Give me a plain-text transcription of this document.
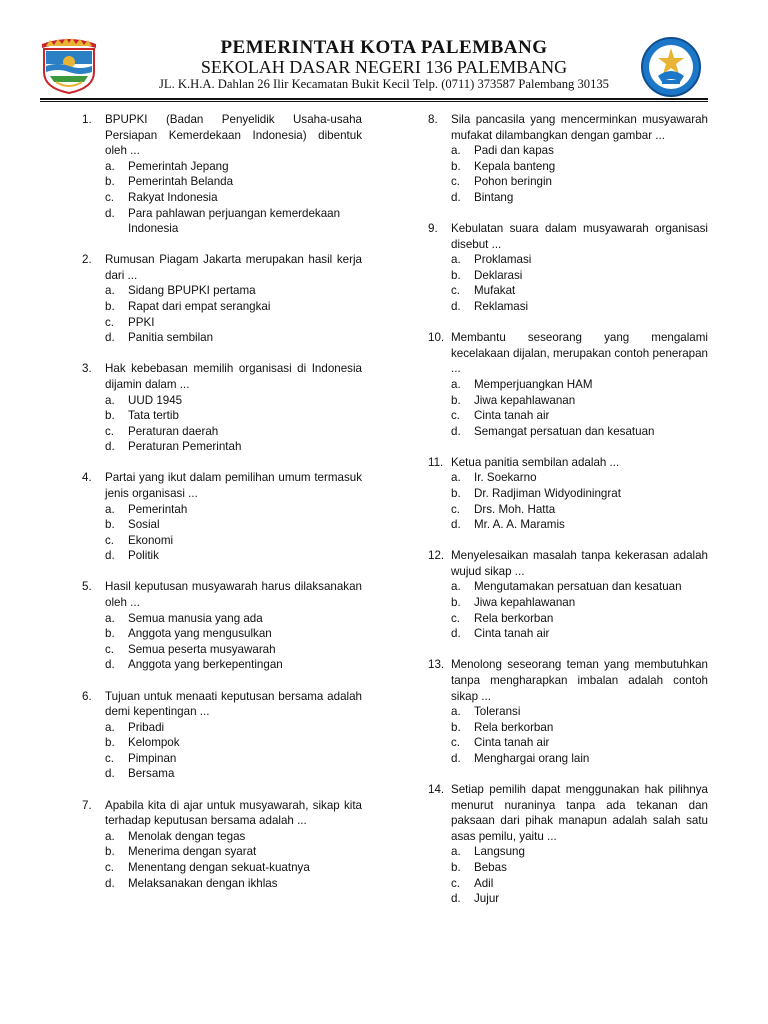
PEMERINTAH KOTA PALEMBANG
SEKOLAH DASAR NEGERI 136 PALEMBANG
JL. K.H.A. Dahlan 26 Ilir Kecamatan Bukit Kecil Telp. (0711) 373587 Palembang 30135
1.	BPUPKI (Badan Penyelidik Usaha-usaha Persiapan Kemerdekaan Indonesia) dibentuk oleh ...
a. Pemerintah Jepang
b. Pemerintah Belanda
c. Rakyat Indonesia
d. Para pahlawan perjuangan kemerdekaan Indonesia
2.	Rumusan Piagam Jakarta merupakan hasil kerja dari ...
a. Sidang BPUPKI pertama
b. Rapat dari empat serangkai
c. PPKI
d. Panitia sembilan
3.	Hak kebebasan memilih organisasi di Indonesia dijamin dalam ...
a. UUD 1945
b. Tata tertib
c. Peraturan daerah
d. Peraturan Pemerintah
4.	Partai yang ikut dalam pemilihan umum termasuk jenis organisasi ...
a. Pemerintah
b. Sosial
c. Ekonomi
d. Politik
5.	Hasil keputusan musyawarah harus dilaksanakan oleh ...
a. Semua manusia yang ada
b. Anggota yang mengusulkan
c. Semua peserta musyawarah
d. Anggota yang berkepentingan
6.	Tujuan untuk menaati keputusan bersama adalah demi kepentingan ...
a. Pribadi
b. Kelompok
c. Pimpinan
d. Bersama
7.	Apabila kita di ajar untuk musyawarah, sikap kita terhadap keputusan bersama adalah ...
a. Menolak dengan tegas
b. Menerima dengan syarat
c. Menentang dengan sekuat-kuatnya
d. Melaksanakan dengan ikhlas
8.	Sila pancasila yang mencerminkan musyawarah mufakat dilambangkan dengan gambar ...
a. Padi dan kapas
b. Kepala banteng
c. Pohon beringin
d. Bintang
9.	Kebulatan suara dalam musyawarah organisasi disebut ...
a. Proklamasi
b. Deklarasi
c. Mufakat
d. Reklamasi
10. Membantu seseorang yang mengalami kecelakaan dijalan, merupakan contoh penerapan ...
a. Memperjuangkan HAM
b. Jiwa kepahlawanan
c. Cinta tanah air
d. Semangat persatuan dan kesatuan
11. Ketua panitia sembilan adalah ...
a. Ir. Soekarno
b. Dr. Radjiman Widyodiningrat
c. Drs. Moh. Hatta
d. Mr. A. A. Maramis
12. Menyelesaikan masalah tanpa kekerasan adalah wujud sikap ...
a. Mengutamakan persatuan dan kesatuan
b. Jiwa kepahlawanan
c. Rela berkorban
d. Cinta tanah air
13. Menolong seseorang teman yang membutuhkan tanpa mengharapkan imbalan adalah contoh sikap ...
a. Toleransi
b. Rela berkorban
c. Cinta tanah air
d. Menghargai orang lain
14. Setiap pemilih dapat menggunakan hak pilihnya menurut nuraninya tanpa ada tekanan dan paksaan dari pihak manapun adalah salah satu asas pemilu, yaitu ...
a. Langsung
b. Bebas
c. Adil
d. Jujur
